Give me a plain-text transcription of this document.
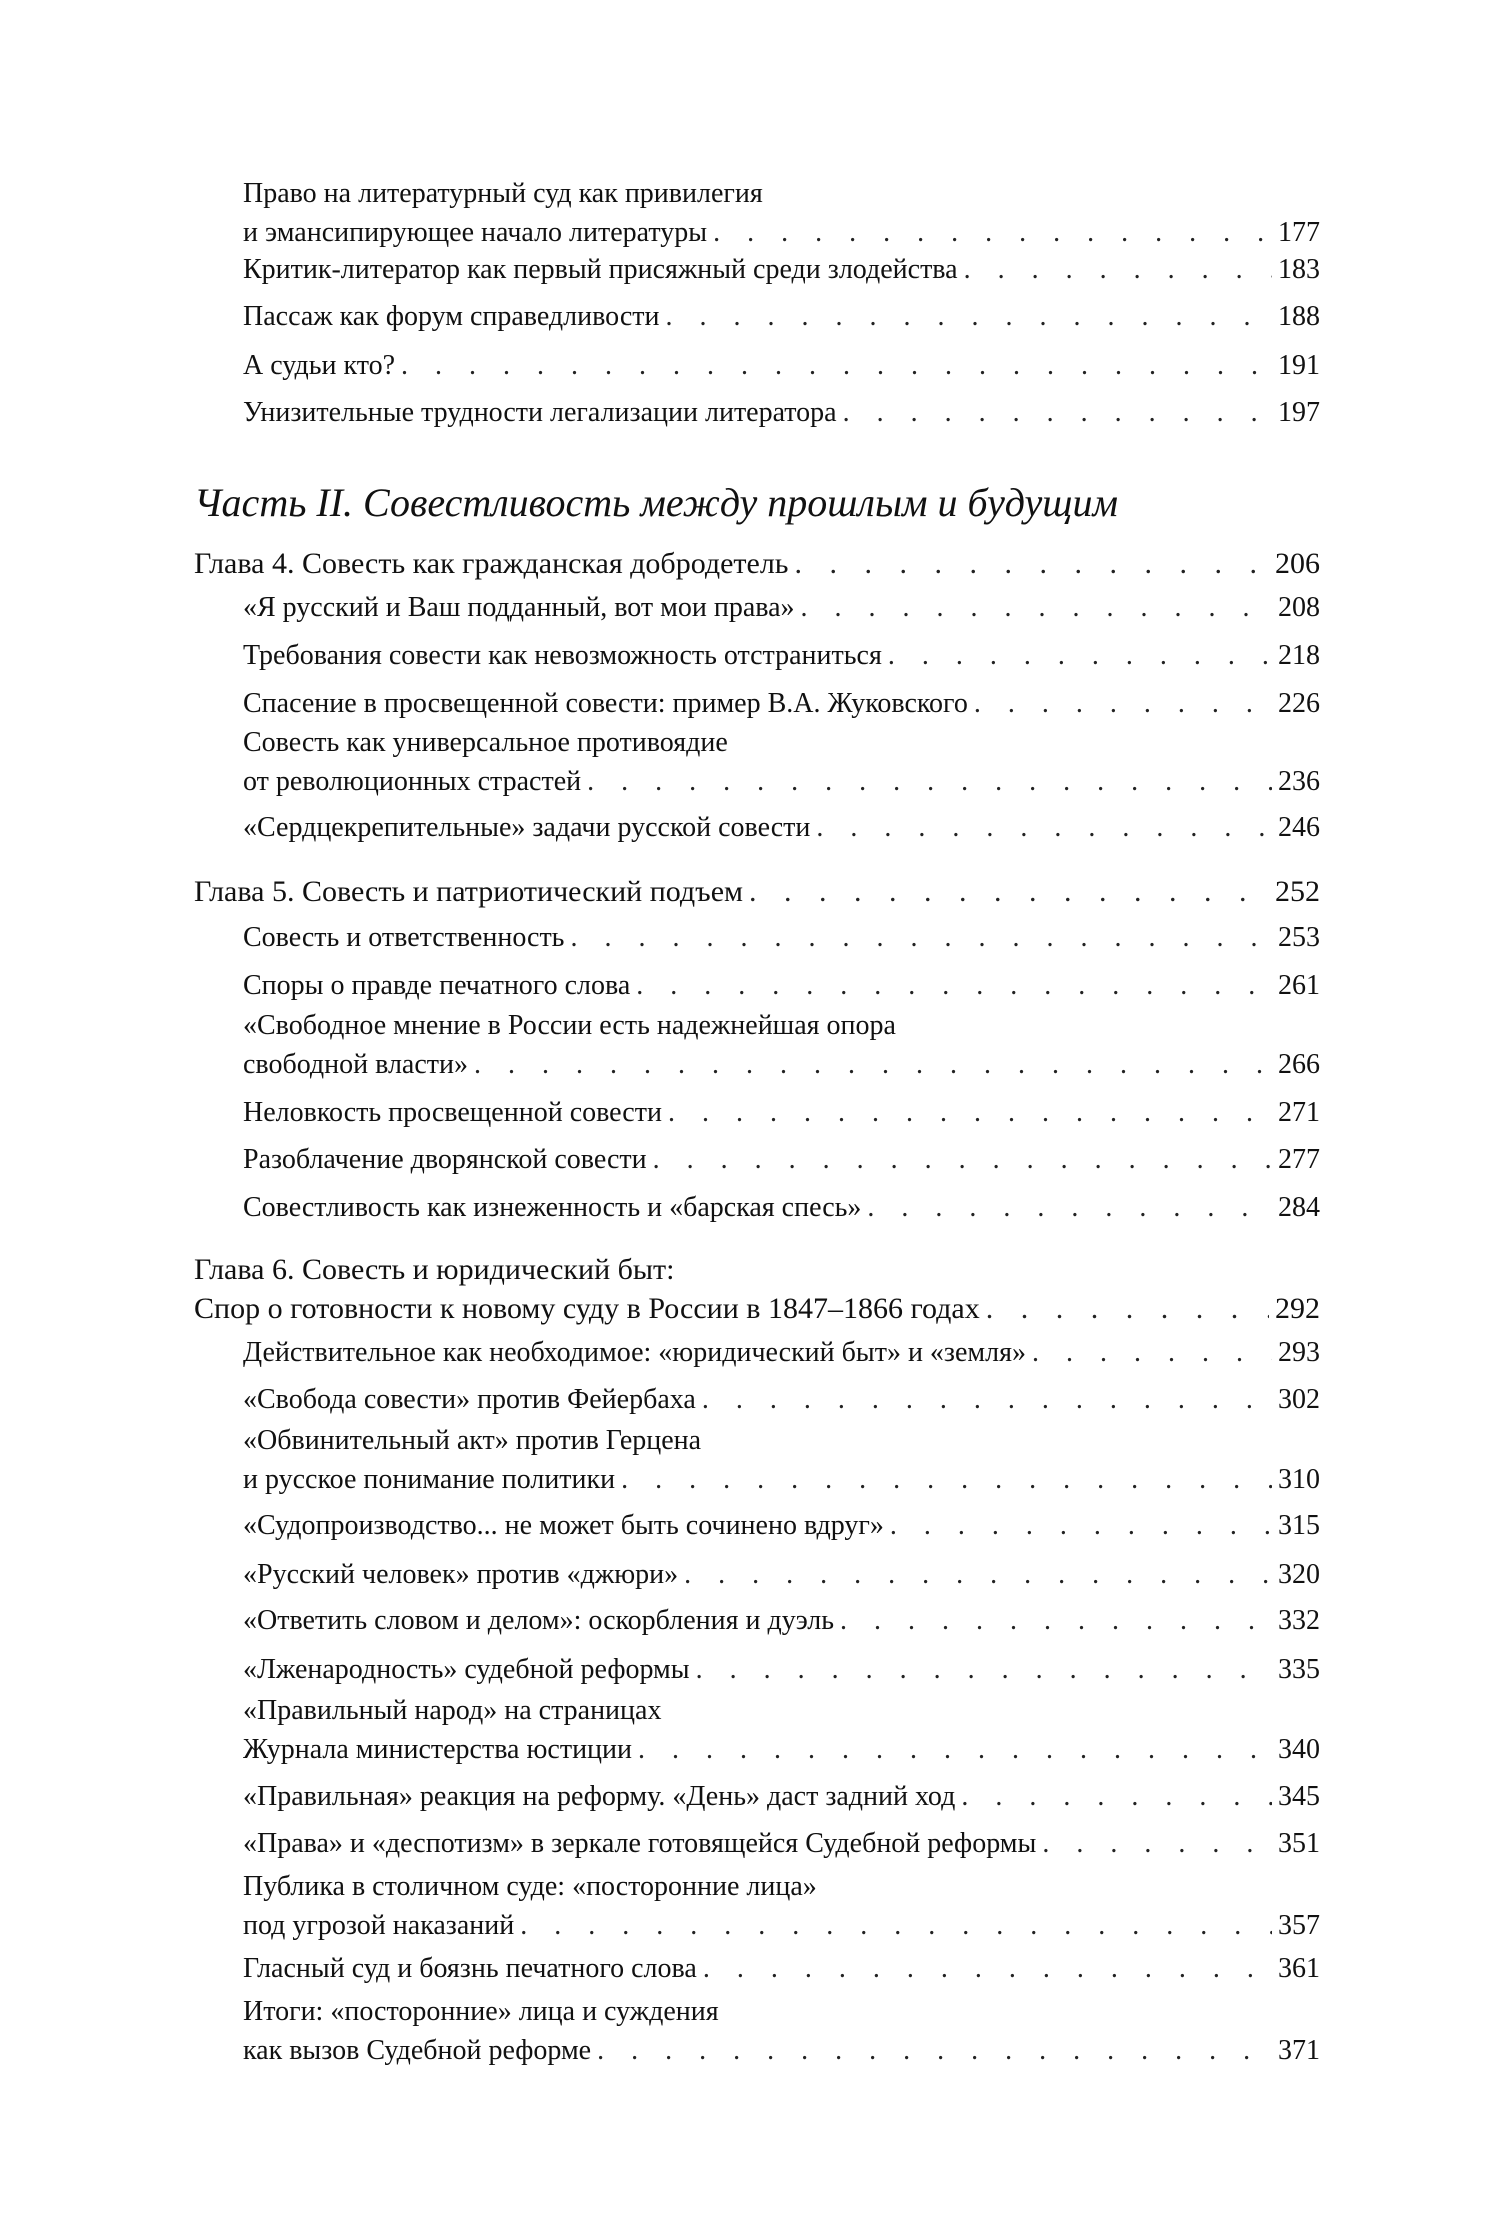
Право на литературный суд как привилегия
и эмансипирующее начало литературы . . .	177
Критик-литератор как первый присяжный среди злодейства . . .	183
Пассаж как форум справедливости . . .	188
А судьи кто? . . .	191
Унизительные трудности легализации литератора . . .	197
Часть II. Совестливость между прошлым и будущим
Глава 4. Совесть как гражданская добродетель . . .	206
«Я русский и Ваш подданный, вот мои права» . . .	208
Требования совести как невозможность отстраниться . . .	218
Спасение в просвещенной совести: пример В.А. Жуковского . . .	226
Совесть как универсальное противоядие
от революционных страстей . . .	236
«Сердцекрепительные» задачи русской совести . . .	246
Глава 5. Совесть и патриотический подъем . . .	252
Совесть и ответственность . . .	253
Споры о правде печатного слова . . .	261
«Свободное мнение в России есть надежнейшая опора
свободной власти» . . .	266
Неловкость просвещенной совести . . .	271
Разоблачение дворянской совести . . .	277
Совестливость как изнеженность и «барская спесь» . . .	284
Глава 6. Совесть и юридический быт:
Спор о готовности к новому суду в России в 1847–1866 годах . . .	292
Действительное как необходимое: «юридический быт» и «земля» . . .	293
«Свобода совести» против Фейербаха . . .	302
«Обвинительный акт» против Герцена
и русское понимание политики . . .	310
«Судопроизводство... не может быть сочинено вдруг» . . .	315
«Русский человек» против «джюри» . . .	320
«Ответить словом и делом»: оскорбления и дуэль . . .	332
«Лженародность» судебной реформы . . .	335
«Правильный народ» на страницах
Журнала министерства юстиции . . .	340
«Правильная» реакция на реформу. «День» даст задний ход . . .	345
«Права» и «деспотизм» в зеркале готовящейся Судебной реформы . . .	351
Публика в столичном суде: «посторонние лица»
под угрозой наказаний . . .	357
Гласный суд и боязнь печатного слова . . .	361
Итоги: «посторонние» лица и суждения
как вызов Судебной реформе . . .	371
